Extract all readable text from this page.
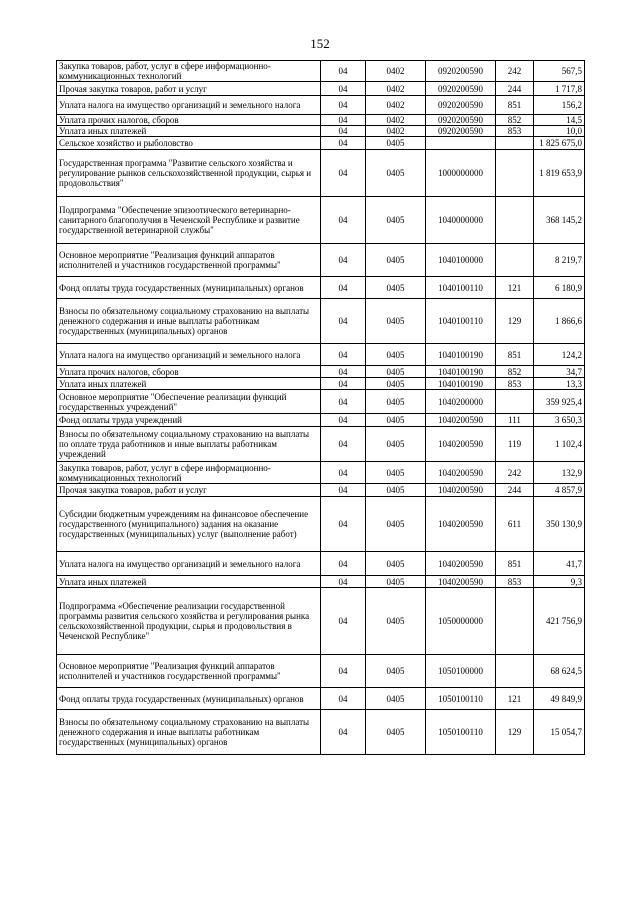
152
Закупка товаров, работ, услуг в сфере информационно-коммуникационных технологий	04	0402	0920200590	242	567,5
Прочая закупка товаров, работ и услуг	04	0402	0920200590	244	1 717,8
Уплата налога на имущество организаций и земельного налога	04	0402	0920200590	851	156,2
Уплата прочих налогов, сборов	04	0402	0920200590	852	14,5
Уплата иных платежей	04	0402	0920200590	853	10,0
Сельское хозяйство и рыболовство	04	0405			1 825 675,0
Государственная программа "Развитие сельского хозяйства и регулирование рынков сельскохозяйственной продукции, сырья и продовольствия"	04	0405	1000000000		1 819 653,9
Подпрограмма "Обеспечение эпизоотического ветеринарно-санитарного благополучия в Чеченской Республике и развитие государственной ветеринарной службы"	04	0405	1040000000		368 145,2
Основное мероприятие "Реализация функций аппаратов исполнителей и участников государственной программы"	04	0405	1040100000		8 219,7
Фонд оплаты труда государственных (муниципальных) органов	04	0405	1040100110	121	6 180,9
Взносы по обязательному социальному страхованию на выплаты денежного содержания и иные выплаты работникам государственных (муниципальных) органов	04	0405	1040100110	129	1 866,6
Уплата налога на имущество организаций и земельного налога	04	0405	1040100190	851	124,2
Уплата прочих налогов, сборов	04	0405	1040100190	852	34,7
Уплата иных платежей	04	0405	1040100190	853	13,3
Основное мероприятие "Обеспечение реализации функций государственных учреждений"	04	0405	1040200000		359 925,4
Фонд оплаты труда учреждений	04	0405	1040200590	111	3 650,3
Взносы по обязательному социальному страхованию на выплаты по оплате труда работников и иные выплаты работникам учреждений	04	0405	1040200590	119	1 102,4
Закупка товаров, работ, услуг в сфере информационно-коммуникационных технологий	04	0405	1040200590	242	132,9
Прочая закупка товаров, работ и услуг	04	0405	1040200590	244	4 857,9
Субсидии бюджетным учреждениям на финансовое обеспечение государственного (муниципального) задания на оказание государственных (муниципальных) услуг (выполнение работ)	04	0405	1040200590	611	350 130,9
Уплата налога на имущество организаций и земельного налога	04	0405	1040200590	851	41,7
Уплата иных платежей	04	0405	1040200590	853	9,3
Подпрограмма «Обеспечение реализации государственной программы развития сельского хозяйства и регулирования рынка сельскохозяйственной продукции, сырья и продовольствия в Чеченской Республике"	04	0405	1050000000		421 756,9
Основное мероприятие "Реализация функций аппаратов исполнителей и участников государственной программы"	04	0405	1050100000		68 624,5
Фонд оплаты труда государственных (муниципальных) органов	04	0405	1050100110	121	49 849,9
Взносы по обязательному социальному страхованию на выплаты денежного содержания и иные выплаты работникам государственных (муниципальных) органов	04	0405	1050100110	129	15 054,7
